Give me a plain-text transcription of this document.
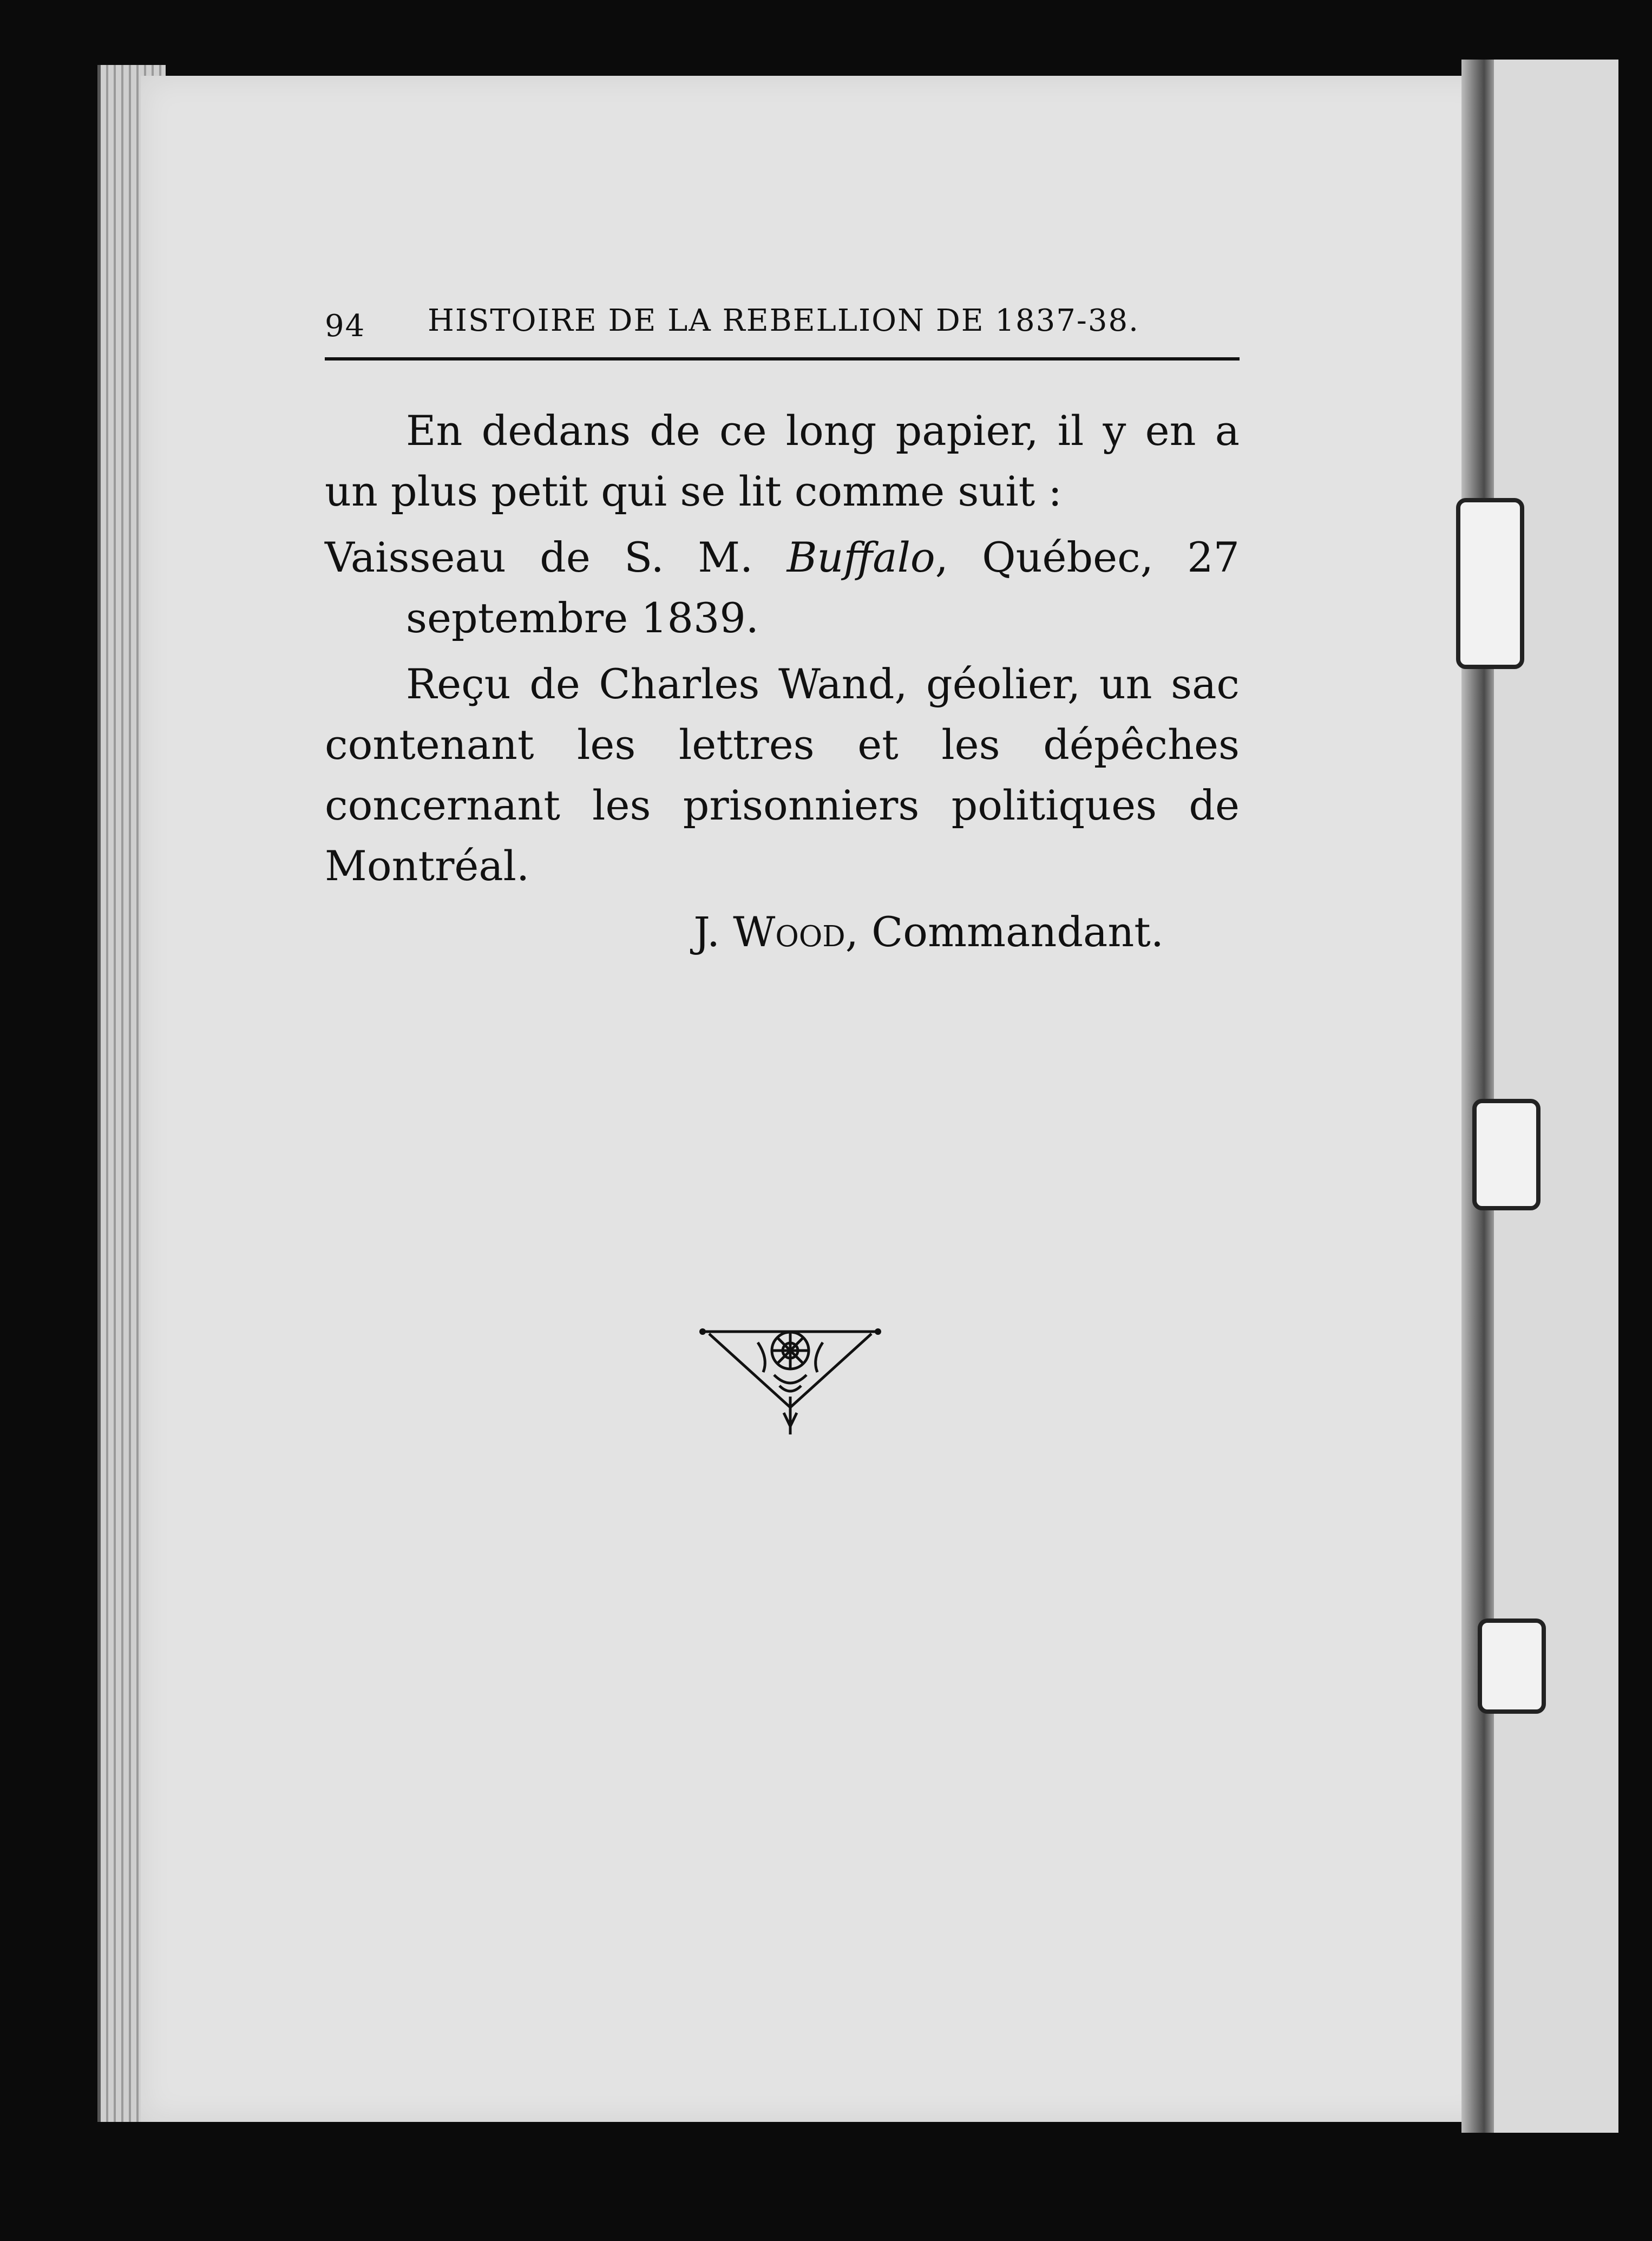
94 HISTOIRE DE LA REBELLION DE 1837-38.

En dedans de ce long papier, il y en a un plus petit qui se lit comme suit :

Vaisseau de S. M. Buffalo, Québec, 27 septembre 1839.

Reçu de Charles Wand, géolier, un sac contenant les lettres et les dépêches concernant les prisonniers politiques de Montréal.

J. Wood, Commandant.
